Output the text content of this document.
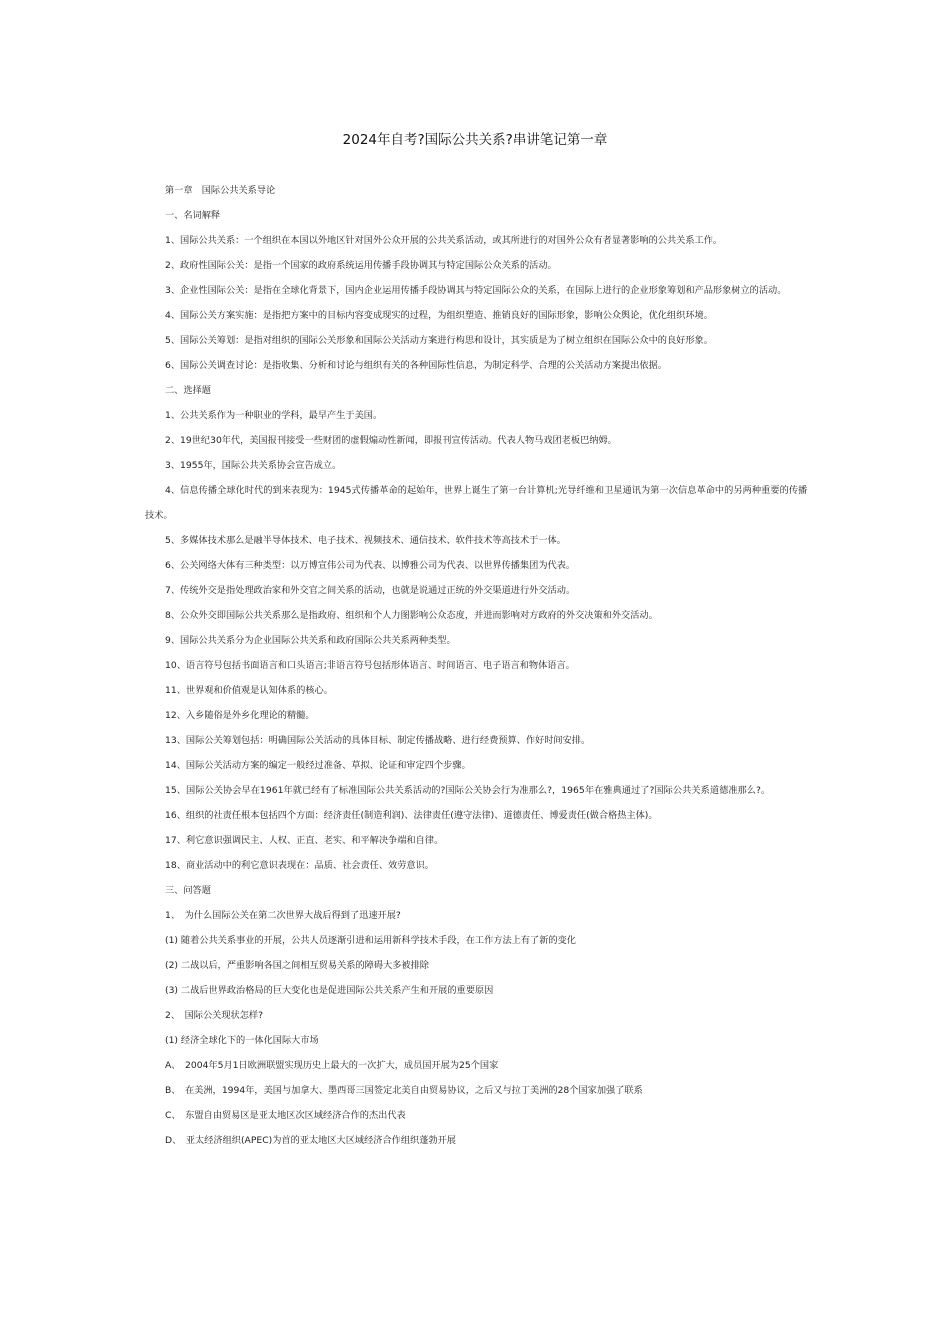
2024年自考?国际公共关系?串讲笔记第一章

第一章　国际公共关系导论

一、名词解释

1、国际公共关系：一个组织在本国以外地区针对国外公众开展的公共关系活动，或其所进行的对国外公众有者显著影响的公共关系工作。

2、政府性国际公关：是指一个国家的政府系统运用传播手段协调其与特定国际公众关系的活动。

3、企业性国际公关：是指在全球化背景下，国内企业运用传播手段协调其与特定国际公众的关系，在国际上进行的企业形象筹划和产品形象树立的活动。

4、国际公关方案实施：是指把方案中的目标内容变成现实的过程，为组织塑造、推销良好的国际形象，影响公众舆论，优化组织环境。

5、国际公关筹划：是指对组织的国际公关形象和国际公关活动方案进行构思和设计，其实质是为了树立组织在国际公众中的良好形象。

6、国际公关调查讨论：是指收集、分析和讨论与组织有关的各种国际性信息，为制定科学、合理的公关活动方案提出依据。

二、选择题

1、公共关系作为一种职业的学科，最早产生于美国。

2、19世纪30年代，美国报刊接受一些财团的虚假煽动性新闻，即报刊宣传活动。代表人物马戏团老板巴纳姆。

3、1955年，国际公共关系协会宣告成立。

4、信息传播全球化时代的到来表现为：1945式传播革命的起始年，世界上诞生了第一台计算机;光导纤维和卫星通讯为第一次信息革命中的另两种重要的传播技术。

5、多媒体技术那么是融半导体技术、电子技术、视频技术、通信技术、软件技术等高技术于一体。

6、公关网络大体有三种类型：以万博宣伟公司为代表、以博雅公司为代表、以世界传播集团为代表。

7、传统外交是指处理政治家和外交官之间关系的活动，也就是说通过正统的外交渠道进行外交活动。

8、公众外交即国际公共关系那么是指政府、组织和个人力图影响公众态度，并进而影响对方政府的外交决策和外交活动。

9、国际公共关系分为企业国际公共关系和政府国际公共关系两种类型。

10、语言符号包括书面语言和口头语言;非语言符号包括形体语言、时间语言、电子语言和物体语言。

11、世界观和价值观是认知体系的核心。

12、入乡随俗是外乡化理论的精髓。

13、国际公关筹划包括：明确国际公关活动的具体目标、制定传播战略、进行经费预算、作好时间安排。

14、国际公关活动方案的编定一般经过准备、草拟、论证和审定四个步骤。

15、国际公关协会早在1961年就已经有了标准国际公共关系活动的?国际公关协会行为准那么?，1965年在雅典通过了?国际公共关系道德准那么?。

16、组织的社责任根本包括四个方面：经济责任(制造利润)、法律责任(遵守法律)、道德责任、博爱责任(做合格热主体)。

17、利它意识强调民主、人权、正直、老实、和平解决争端和自律。

18、商业活动中的利它意识表现在：品质、社会责任、效劳意识。

三、问答题

1、　为什么国际公关在第二次世界大战后得到了迅速开展?

(1) 随着公共关系事业的开展，公共人员逐渐引进和运用新科学技术手段，在工作方法上有了新的变化

(2) 二战以后，严重影响各国之间相互贸易关系的障碍大多被排除

(3) 二战后世界政治格局的巨大变化也是促进国际公共关系产生和开展的重要原因

2、　国际公关现状怎样?

(1) 经济全球化下的一体化国际大市场

A、　2004年5月1日欧洲联盟实现历史上最大的一次扩大，成员国开展为25个国家

B、　在美洲，1994年，美国与加拿大、墨西哥三国签定北美自由贸易协议，之后又与拉丁美洲的28个国家加强了联系

C、　东盟自由贸易区是亚太地区次区域经济合作的杰出代表

D、　亚太经济组织(APEC)为首的亚太地区大区域经济合作组织蓬勃开展
